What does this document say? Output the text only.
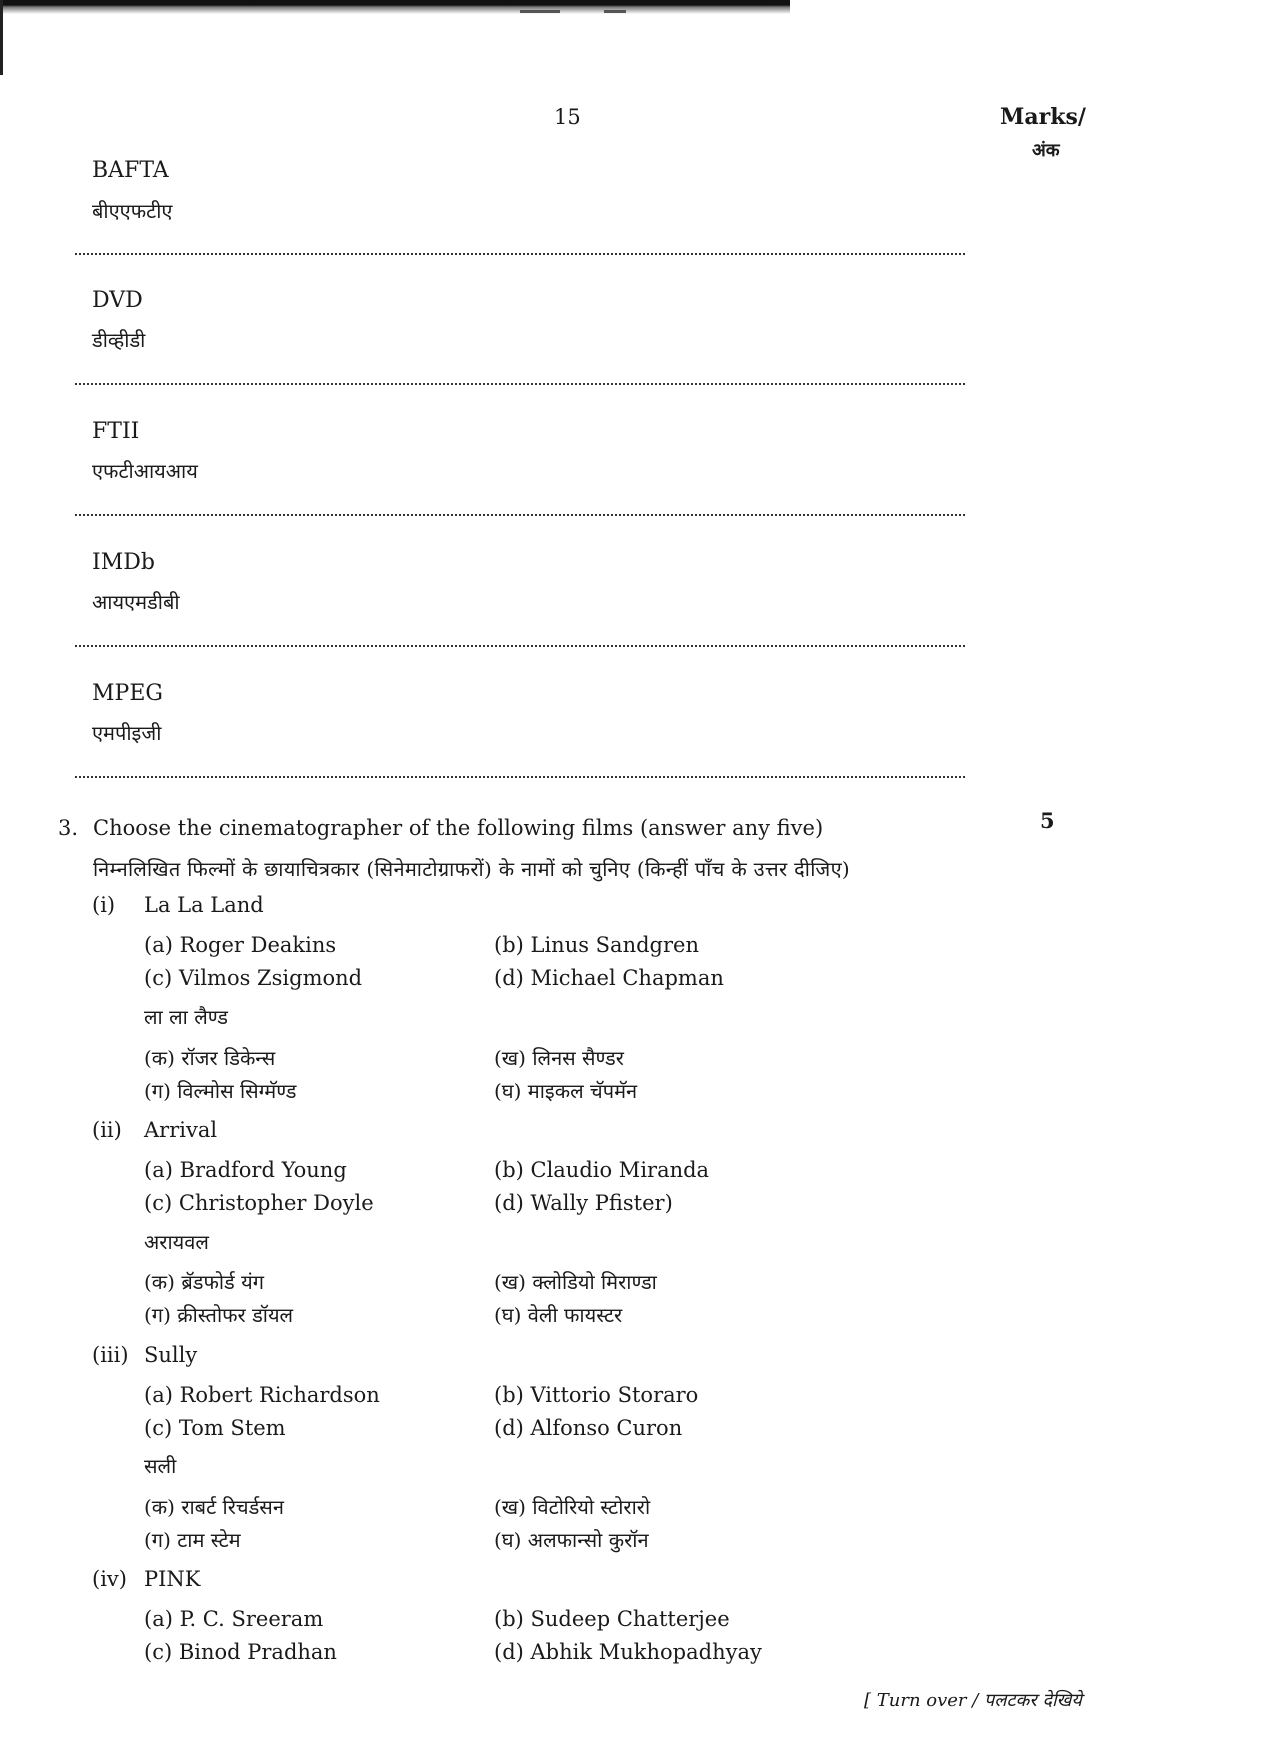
15	Marks/
अंक
BAFTA
बीएएफटीए
DVD
डीव्हीडी
FTII
एफटीआयआय
IMDb
आयएमडीबी
MPEG
एमपीइजी
3. Choose the cinematographer of the following films (answer any five)	5
निम्नलिखित फिल्मों के छायाचित्रकार (सिनेमाटोग्राफरों) के नामों को चुनिए (किन्हीं पाँच के उत्तर दीजिए)
(i) La La Land
(a) Roger Deakins	(b) Linus Sandgren
(c) Vilmos Zsigmond	(d) Michael Chapman
ला ला लैण्ड
(क) रॉजर डिकेन्स	(ख) लिनस सैण्डर
(ग) विल्मोस सिग्मॅण्ड	(घ) माइकल चॅपमॅन
(ii) Arrival
(a) Bradford Young	(b) Claudio Miranda
(c) Christopher Doyle	(d) Wally Pfister)
अरायवल
(क) ब्रॅडफोर्ड यंग	(ख) क्लोडियो मिराण्डा
(ग) क्रीस्तोफर डॉयल	(घ) वेली फायस्टर
(iii) Sully
(a) Robert Richardson	(b) Vittorio Storaro
(c) Tom Stem	(d) Alfonso Curon
सली
(क) राबर्ट रिचर्डसन	(ख) विटोरियो स्टोरारो
(ग) टाम स्टेम	(घ) अलफान्सो कुरॉन
(iv) PINK
(a) P. C. Sreeram	(b) Sudeep Chatterjee
(c) Binod Pradhan	(d) Abhik Mukhopadhyay
[ Turn over / पलटकर देखिये
